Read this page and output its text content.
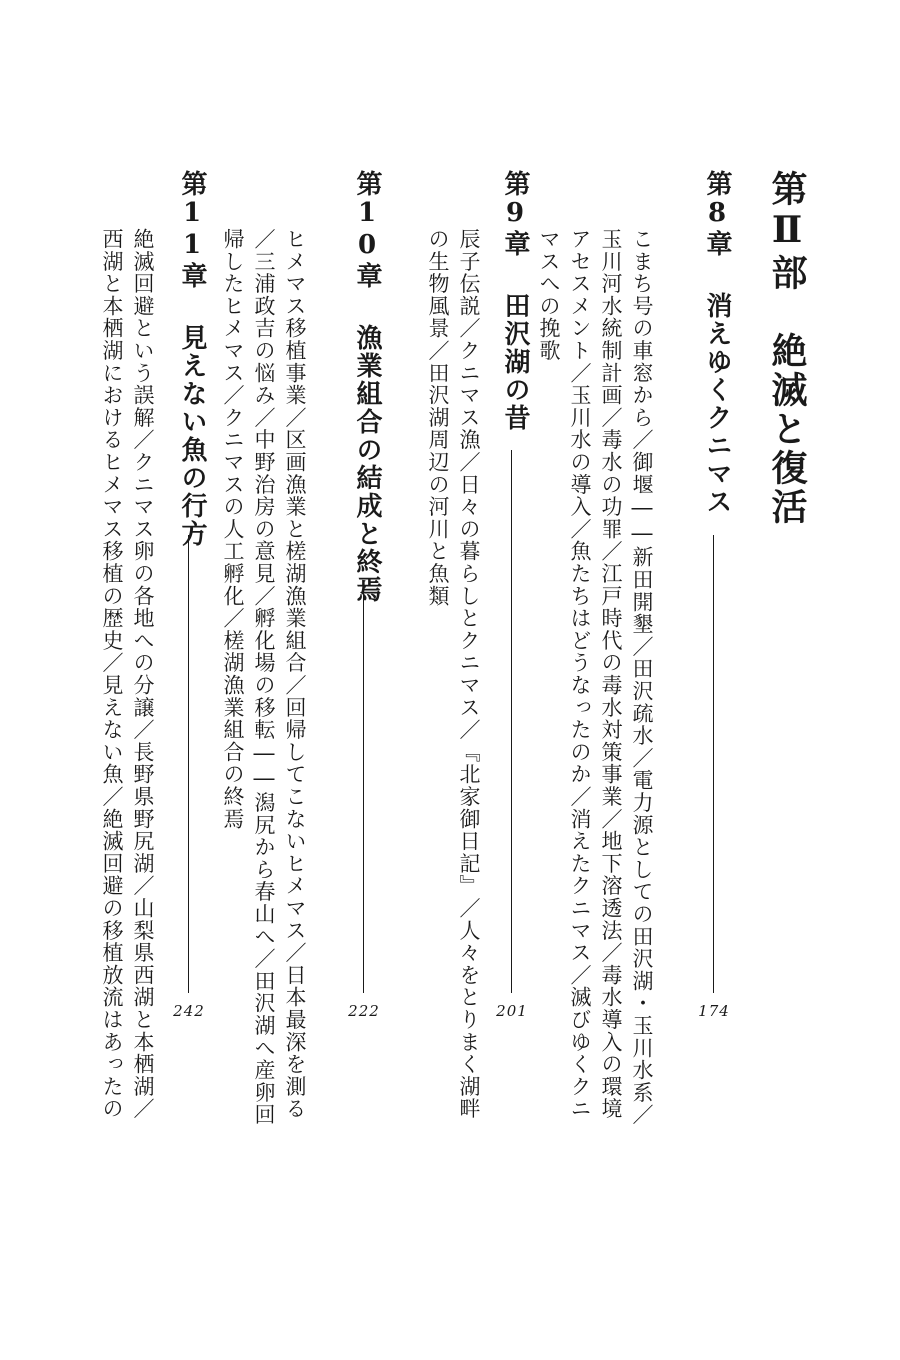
第Ⅱ部　絶滅と復活
第8章消えゆくクニマス
174
こまち号の車窓から／御堰――新田開墾／田沢疏水／電力源としての田沢湖・玉川水系／玉川河水統制計画／毒水の功罪／江戸時代の毒水対策事業／地下溶透法／毒水導入の環境アセスメント／玉川水の導入／魚たちはどうなったのか／消えたクニマス／滅びゆくクニマスへの挽歌
第9章田沢湖の昔
201
辰子伝説／クニマス漁／日々の暮らしとクニマス／『北家御日記』／人々をとりまく湖畔の生物風景／田沢湖周辺の河川と魚類
第10章漁業組合の結成と終焉
222
ヒメマス移植事業／区画漁業と槎湖漁業組合／回帰してこないヒメマス／日本最深を測る／三浦政吉の悩み／中野治房の意見／孵化場の移転――潟尻から春山へ／田沢湖へ産卵回帰したヒメマス／クニマスの人工孵化／槎湖漁業組合の終焉
第11章見えない魚の行方
242
絶滅回避という誤解／クニマス卵の各地への分譲／長野県野尻湖／山梨県西湖と本栖湖／西湖と本栖湖におけるヒメマス移植の歴史／見えない魚／絶滅回避の移植放流はあったの
